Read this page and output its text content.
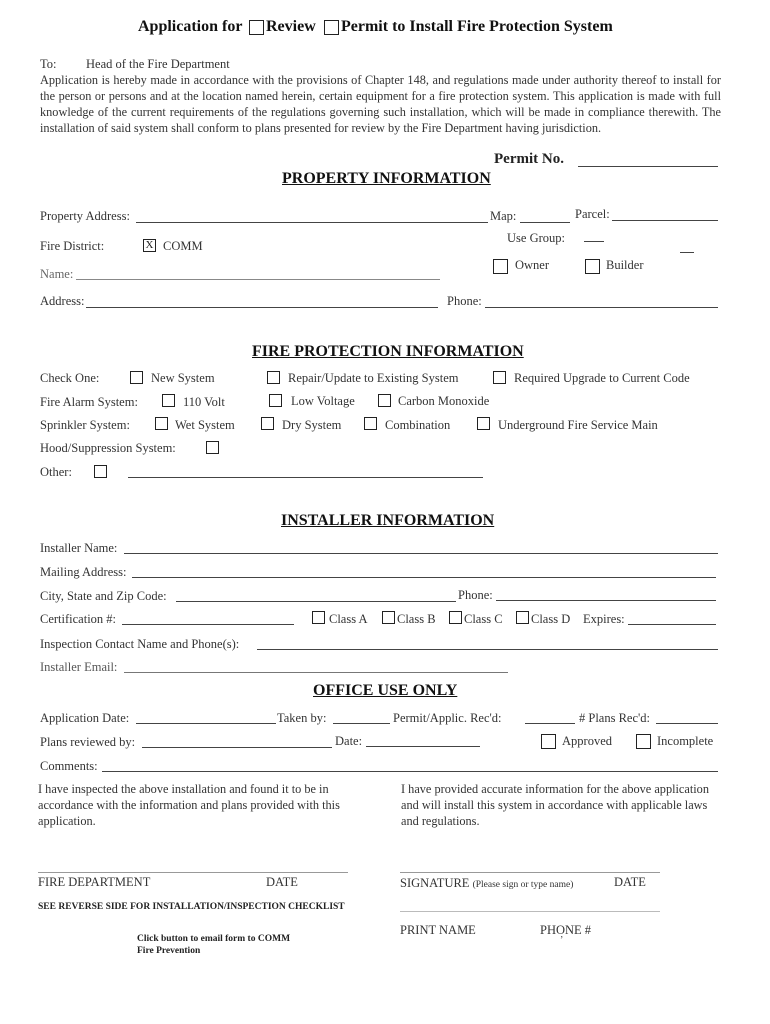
Application for Review Permit to Install Fire Protection System
To: Head of the Fire Department
Application is hereby made in accordance with the provisions of Chapter 148, and regulations made under authority thereof to install for the person or persons and at the location named herein, certain equipment for a fire protection system. This application is made with full knowledge of the current requirements of the regulations governing such installation, which will be made in compliance therewith. The installation of said system shall conform to plans presented for review by the Fire Department having jurisdiction.
Permit No.
PROPERTY INFORMATION
Property Address:	Map:	Parcel:
Fire District:	X COMM
Use Group:
Name:
Owner	Builder
Address:	Phone:
FIRE PROTECTION INFORMATION
Check One:	New System	Repair/Update to Existing System	Required Upgrade to Current Code
Fire Alarm System:	110 Volt	Low Voltage	Carbon Monoxide
Sprinkler System:	Wet System	Dry System	Combination	Underground Fire Service Main
Hood/Suppression System:
Other:
INSTALLER INFORMATION
Installer Name:
Mailing Address:
City, State and Zip Code:	Phone:
Certification #:	Class A Class B Class C Class D Expires:
Inspection Contact Name and Phone(s):
Installer Email:
OFFICE USE ONLY
Application Date:	Taken by:	Permit/Applic. Rec'd:	# Plans Rec'd:
Plans reviewed by:	Date:	Approved	Incomplete
Comments:
I have inspected the above installation and found it to be in accordance with the information and plans provided with this application.
I have provided accurate information for the above application and will install this system in accordance with applicable laws and regulations.
FIRE DEPARTMENT	DATE	SIGNATURE (Please sign or type name)	DATE
SEE REVERSE SIDE FOR INSTALLATION/INSPECTION CHECKLIST
PRINT NAME	PHONE #
’
Click button to email form to COMM
Fire Prevention
